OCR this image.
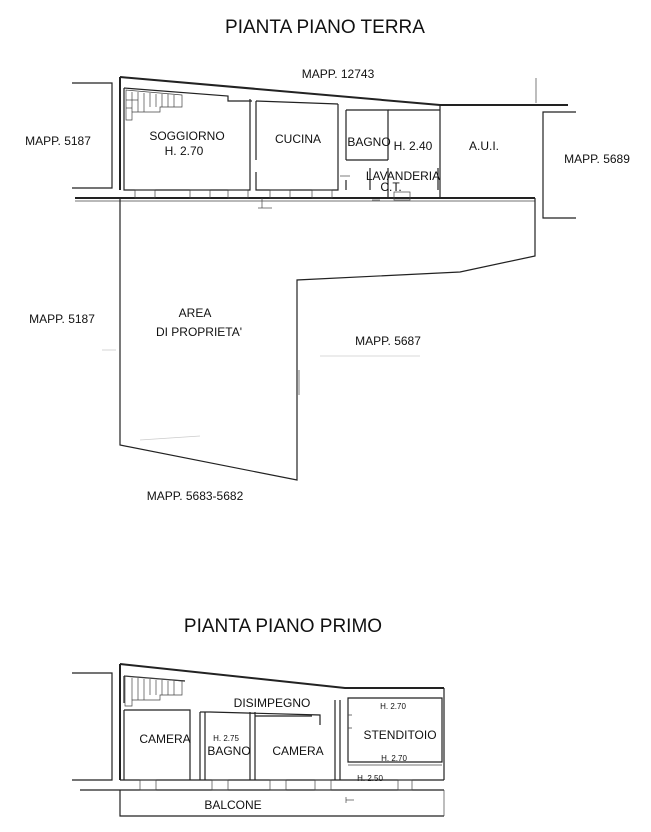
PIANTA PIANO TERRA
MAPP. 12743
MAPP. 5187
MAPP. 5689
MAPP. 5187
MAPP. 5687
MAPP. 5683-5682
SOGGIORNO
H. 2.70
CUCINA BAGNO H. 2.40	A.U.I.
LAVANDERIA
C.T.
AREA
DI PROPRIETA'
PIANTA PIANO PRIMO
DISIMPEGNO
CAMERA	H. 2.75
BAGNO CAMERA
H. 2.70
STENDITOIO
H. 2.70
H. 2.50
BALCONE
